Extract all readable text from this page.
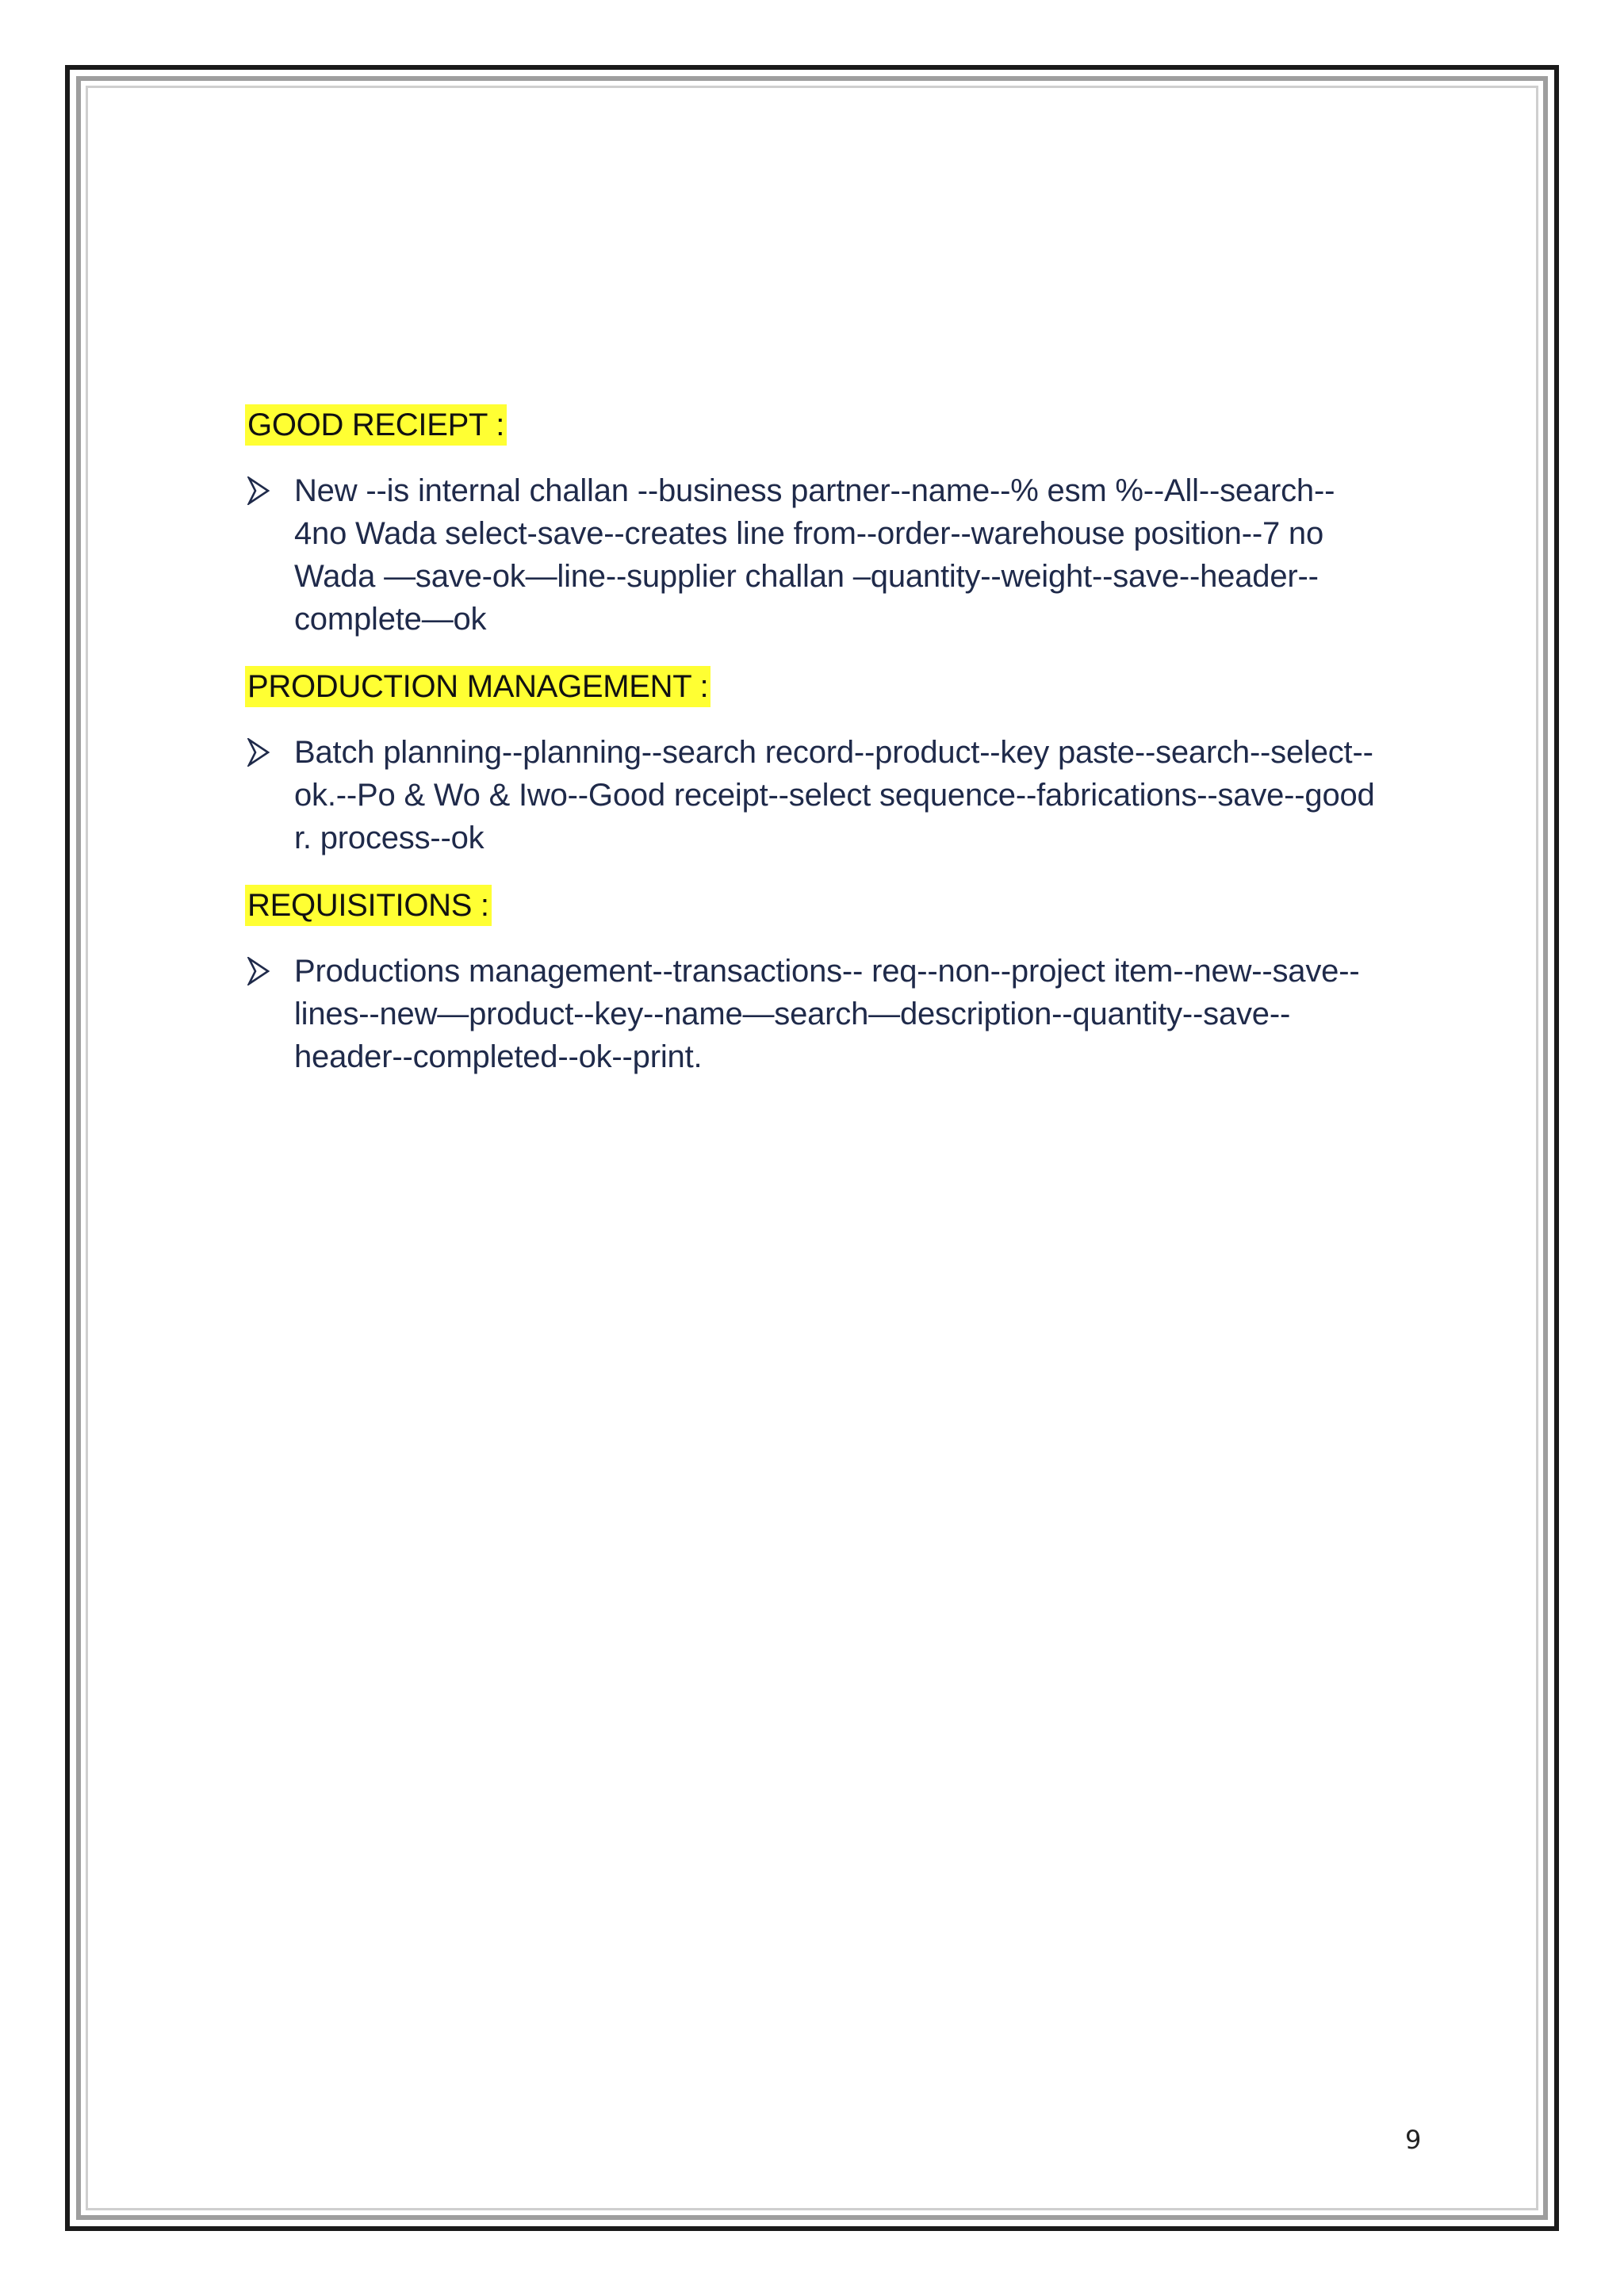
GOOD RECIEPT :
New --is internal challan --business partner--name--% esm %--All--search--
4no Wada select-save--creates line from--order--warehouse position--7 no
Wada —save-ok—line--supplier challan –quantity--weight--save--header--
complete—ok
PRODUCTION MANAGEMENT :
Batch planning--planning--search record--product--key paste--search--select--
ok.--Po & Wo & Iwo--Good receipt--select sequence--fabrications--save--good
r. process--ok
REQUISITIONS :
Productions management--transactions-- req--non--project item--new--save--
lines--new—product--key--name—search—description--quantity--save--
header--completed--ok--print.
9
